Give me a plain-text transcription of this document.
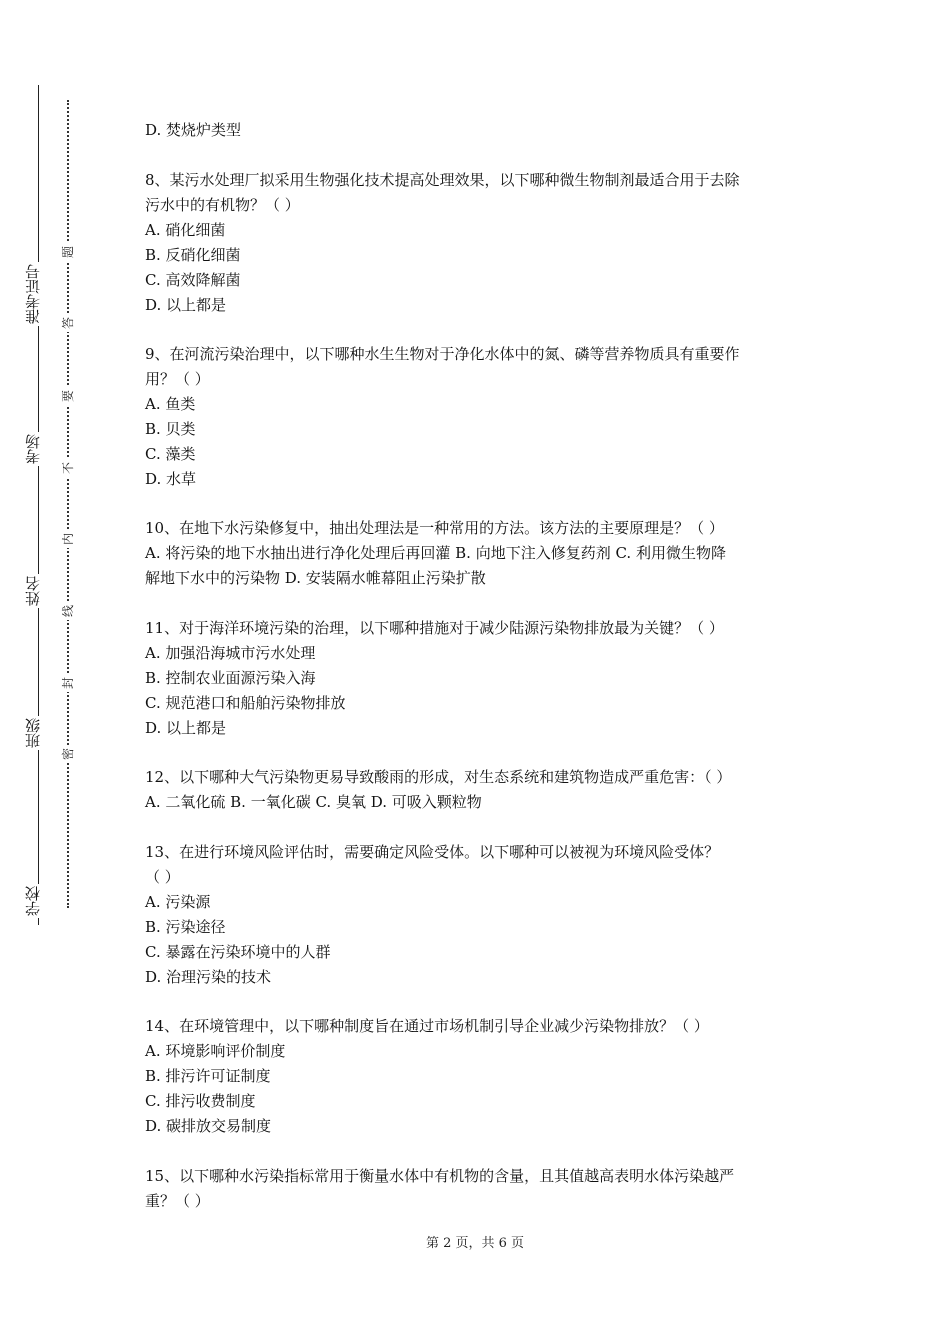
准考证号
考场
姓名
班级
学校
题
答
要
不
内
线
封
密
D. 焚烧炉类型
8、某污水处理厂拟采用生物强化技术提高处理效果，以下哪种微生物制剂最适合用于去除
污水中的有机物？（ ）
A. 硝化细菌
B. 反硝化细菌
C. 高效降解菌
D. 以上都是
9、在河流污染治理中，以下哪种水生生物对于净化水体中的氮、磷等营养物质具有重要作
用？（ ）
A. 鱼类
B. 贝类
C. 藻类
D. 水草
10、在地下水污染修复中，抽出处理法是一种常用的方法。该方法的主要原理是？（ ）
A. 将污染的地下水抽出进行净化处理后再回灌 B. 向地下注入修复药剂 C. 利用微生物降
解地下水中的污染物 D. 安装隔水帷幕阻止污染扩散
11、对于海洋环境污染的治理，以下哪种措施对于减少陆源污染物排放最为关键？（ ）
A. 加强沿海城市污水处理
B. 控制农业面源污染入海
C. 规范港口和船舶污染物排放
D. 以上都是
12、以下哪种大气污染物更易导致酸雨的形成，对生态系统和建筑物造成严重危害：（ ）
A. 二氧化硫 B. 一氧化碳 C. 臭氧 D. 可吸入颗粒物
13、在进行环境风险评估时，需要确定风险受体。以下哪种可以被视为环境风险受体？
（ ）
A. 污染源
B. 污染途径
C. 暴露在污染环境中的人群
D. 治理污染的技术
14、在环境管理中，以下哪种制度旨在通过市场机制引导企业减少污染物排放？（ ）
A. 环境影响评价制度
B. 排污许可证制度
C. 排污收费制度
D. 碳排放交易制度
15、以下哪种水污染指标常用于衡量水体中有机物的含量，且其值越高表明水体污染越严
重？（ ）
第 2 页，共 6 页
